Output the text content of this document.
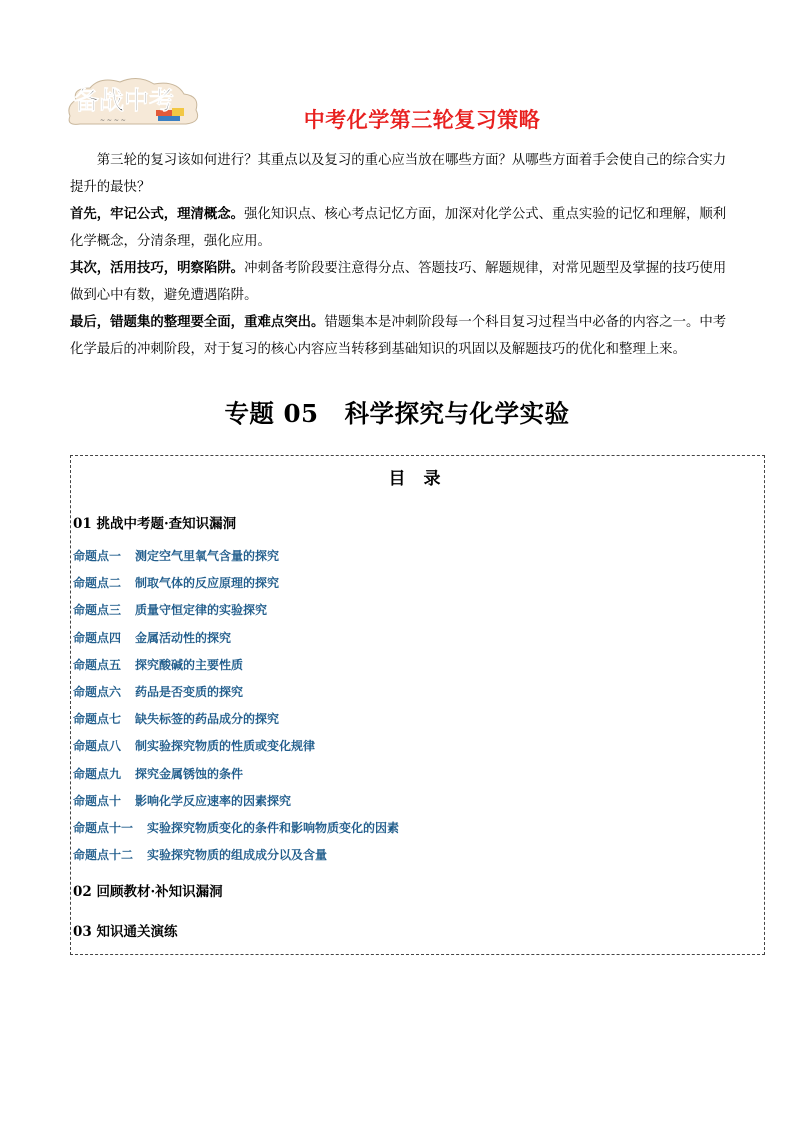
备战中考
~ ~ ~ ~	中考化学第三轮复习策略

第三轮的复习该如何进行？其重点以及复习的重心应当放在哪些方面？从哪些方面着手会使自己的综合实力提升的最快？

首先，牢记公式，理清概念。强化知识点、核心考点记忆方面，加深对化学公式、重点实验的记忆和理解，顺利化学概念，分清条理，强化应用。

其次，活用技巧，明察陷阱。冲刺备考阶段要注意得分点、答题技巧、解题规律，对常见题型及掌握的技巧使用做到心中有数，避免遭遇陷阱。

最后，错题集的整理要全面，重难点突出。错题集本是冲刺阶段每一个科目复习过程当中必备的内容之一。中考化学最后的冲刺阶段，对于复习的核心内容应当转移到基础知识的巩固以及解题技巧的优化和整理上来。

专题 05 科学探究与化学实验
目 录
01 挑战中考题·查知识漏洞
命题点一 测定空气里氧气含量的探究
命题点二 制取气体的反应原理的探究
命题点三 质量守恒定律的实验探究
命题点四 金属活动性的探究
命题点五 探究酸碱的主要性质
命题点六 药品是否变质的探究
命题点七 缺失标签的药品成分的探究
命题点八 制实验探究物质的性质或变化规律
命题点九 探究金属锈蚀的条件
命题点十 影响化学反应速率的因素探究
命题点十一 实验探究物质变化的条件和影响物质变化的因素
命题点十二 实验探究物质的组成成分以及含量
02 回顾教材·补知识漏洞
03 知识通关演练
